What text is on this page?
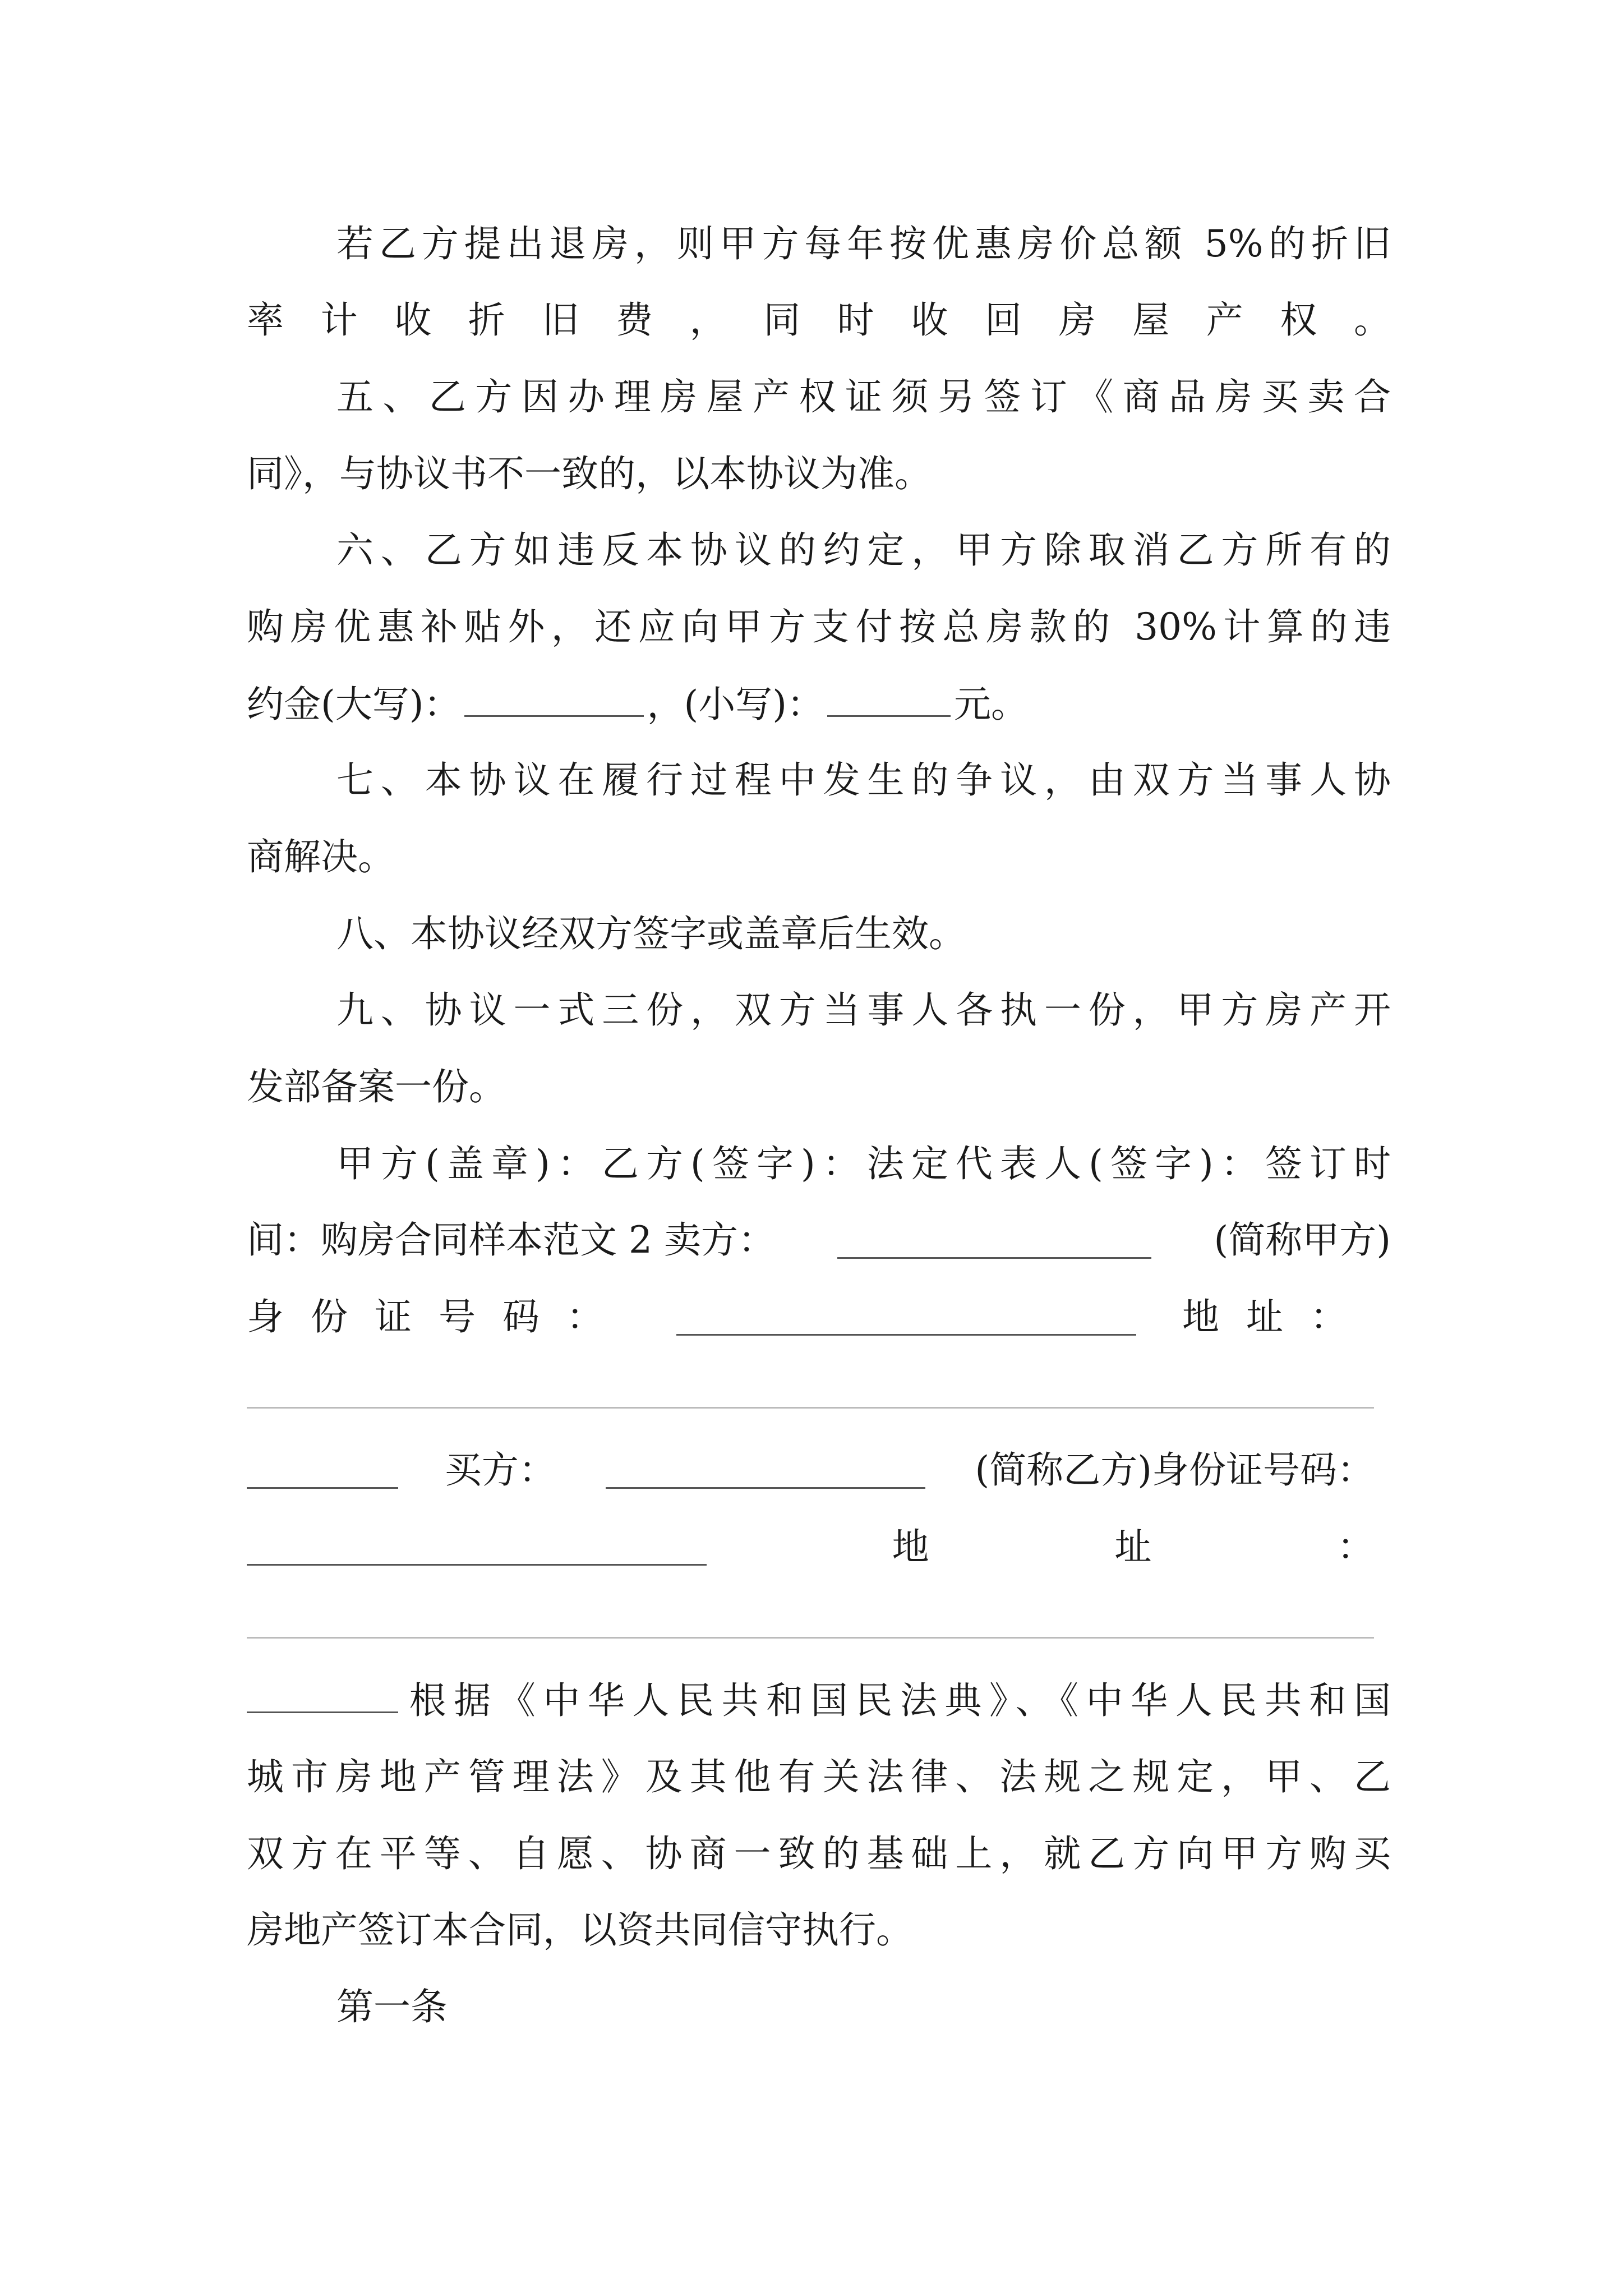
若乙方提出退房，则甲方每年按优惠房价总额 5%的折旧
率计收折旧费，同时收回房屋产权。
五、乙方因办理房屋产权证须另签订《商品房买卖合
同》，与协议书不一致的，以本协议为准。
六、乙方如违反本协议的约定，甲方除取消乙方所有的
购房优惠补贴外，还应向甲方支付按总房款的 30%计算的违
约金(大写)：	，(小写)：	元。
七、本协议在履行过程中发生的争议，由双方当事人协
商解决。
八、本协议经双方签字或盖章后生效。
九、协议一式三份，双方当事人各执一份，甲方房产开
发部备案一份。
甲方(盖章)：乙方(签字)：法定代表人(签字)：签订时
间：购房合同样本范文 2 卖方：	(简称甲方)
身份证号码：	地址：
买方：	(简称乙方)身份证号码：
地	址	：
根据《中华人民共和国民法典》、《中华人民共和国
城市房地产管理法》及其他有关法律、法规之规定，甲、乙
双方在平等、自愿、协商一致的基础上，就乙方向甲方购买
房地产签订本合同，以资共同信守执行。
第一条
